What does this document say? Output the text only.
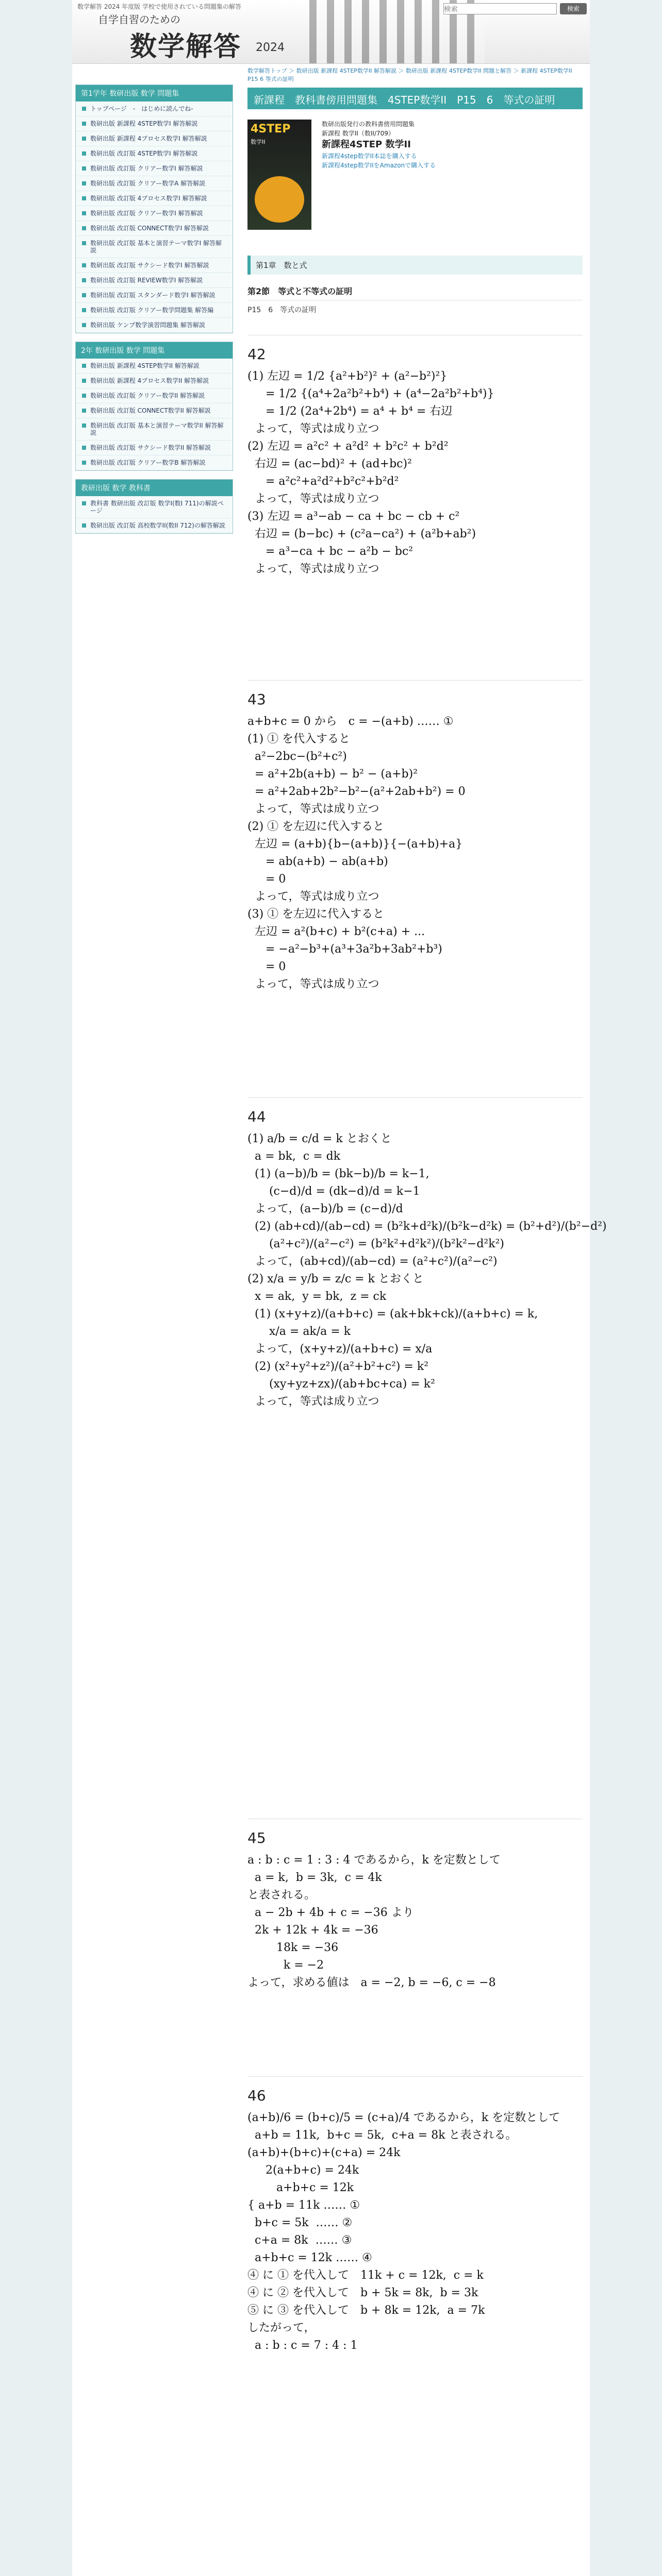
数学解答 2024 年度版 学校で使用されている問題集の解答
自学自習のための
数学解答 2024
検索
検索
第1学年 数研出版 数学 問題集
トップページ　-　はじめに読んでね-
数研出版 新課程 4STEP数学I 解答解説
数研出版 新課程 4プロセス数学I 解答解説
数研出版 改訂版 4STEP数学I 解答解説
数研出版 改訂版 クリアー数学I 解答解説
数研出版 改訂版 クリアー数学A 解答解説
数研出版 改訂版 4プロセス数学I 解答解説
数研出版 改訂版 クリアー数学I 解答解説
数研出版 改訂版 CONNECT数学I 解答解説
数研出版 改訂版 基本と演習テーマ数学I 解答解説
数研出版 改訂版 サクシード数学I 解答解説
数研出版 改訂版 REVIEW数学I 解答解説
数研出版 改訂版 スタンダード数学I 解答解説
数研出版 改訂版 クリアー数学問題集 解答編
数研出版 ケンプ数学演習問題集 解答解説
2年 数研出版 数学 問題集
数研出版 新課程 4STEP数学II 解答解説
数研出版 新課程 4プロセス数学II 解答解説
数研出版 改訂版 クリアー数学II 解答解説
数研出版 改訂版 CONNECT数学II 解答解説
数研出版 改訂版 基本と演習テーマ数学II 解答解説
数研出版 改訂版 サクシード数学II 解答解説
数研出版 改訂版 クリアー数学B 解答解説
教研出版 数学 教科書
教科書 数研出版 改訂版 数学I(数I 711)の解説ページ
数研出版 改訂版 高校数学II(数II 712)の解答解説
数学解答トップ ＞ 数研出版 新課程 4STEP数学II 解答解説 ＞ 数研出版 新課程 4STEP数学II 問題と解答 ＞ 新課程 4STEP数学II P15 6 等式の証明
新課程　教科書傍用問題集　4STEP数学II　P15　6　等式の証明
4STEP
数学II
数研出版発行の教科書傍用問題集
新課程 数学II（数II/709）
新課程4STEP 数学II
新課程4step数学II本誌を購入する
新課程4step数学IIをAmazonで購入する
第1章　数と式
第2節　等式と不等式の証明
P15　6　等式の証明
42
(1) 左辺 = 1/2 {a²+b²)² + (a²−b²)²}
= 1/2 {(a⁴+2a²b²+b⁴) + (a⁴−2a²b²+b⁴)}
= 1/2 (2a⁴+2b⁴) = a⁴ + b⁴ = 右辺
よって，等式は成り立つ
(2) 左辺 = a²c² + a²d² + b²c² + b²d²
右辺 = (ac−bd)² + (ad+bc)²
= a²c²+a²d²+b²c²+b²d²
よって，等式は成り立つ
(3) 左辺 = a³−ab − ca + bc − cb + c²
右辺 = (b−bc) + (c²a−ca²) + (a²b+ab²)
= a³−ca + bc − a²b − bc²
よって，等式は成り立つ
43
a+b+c = 0 から　c = −(a+b) …… ①
(1) ① を代入すると
a²−2bc−(b²+c²)
= a²+2b(a+b) − b² − (a+b)²
= a²+2ab+2b²−b²−(a²+2ab+b²) = 0
よって，等式は成り立つ
(2) ① を左辺に代入すると
左辺 = (a+b){b−(a+b)}{−(a+b)+a}
= ab(a+b) − ab(a+b)
= 0
よって，等式は成り立つ
(3) ① を左辺に代入すると
左辺 = a²(b+c) + b²(c+a) + ...
= −a²−b³+(a³+3a²b+3ab²+b³)
= 0
よって，等式は成り立つ
44
(1) a/b = c/d = k とおくと
a = bk,  c = dk
(1) (a−b)/b = (bk−b)/b = k−1,
(c−d)/d = (dk−d)/d = k−1
よって，(a−b)/b = (c−d)/d
(2) (ab+cd)/(ab−cd) = (b²k+d²k)/(b²k−d²k) = (b²+d²)/(b²−d²)
(a²+c²)/(a²−c²) = (b²k²+d²k²)/(b²k²−d²k²)
よって，(ab+cd)/(ab−cd) = (a²+c²)/(a²−c²)
(2) x/a = y/b = z/c = k とおくと
x = ak,  y = bk,  z = ck
(1) (x+y+z)/(a+b+c) = (ak+bk+ck)/(a+b+c) = k,
x/a = ak/a = k
よって，(x+y+z)/(a+b+c) = x/a
(2) (x²+y²+z²)/(a²+b²+c²) = k²
(xy+yz+zx)/(ab+bc+ca) = k²
よって，等式は成り立つ
45
a : b : c = 1 : 3 : 4 であるから，k を定数として
a = k,  b = 3k,  c = 4k
と表される。
a − 2b + 4b + c = −36 より
2k + 12k + 4k = −36
18k = −36
k = −2
よって，求める値は　a = −2, b = −6, c = −8
46
(a+b)/6 = (b+c)/5 = (c+a)/4 であるから，k を定数として
a+b = 11k,  b+c = 5k,  c+a = 8k と表される。
(a+b)+(b+c)+(c+a) = 24k
2(a+b+c) = 24k
a+b+c = 12k
{ a+b = 11k …… ①
b+c = 5k  …… ②
c+a = 8k  …… ③
a+b+c = 12k …… ④
④ に ① を代入して　11k + c = 12k,  c = k
④ に ② を代入して　b + 5k = 8k,  b = 3k
⑤ に ③ を代入して　b + 8k = 12k,  a = 7k
したがって，
a : b : c = 7 : 4 : 1
